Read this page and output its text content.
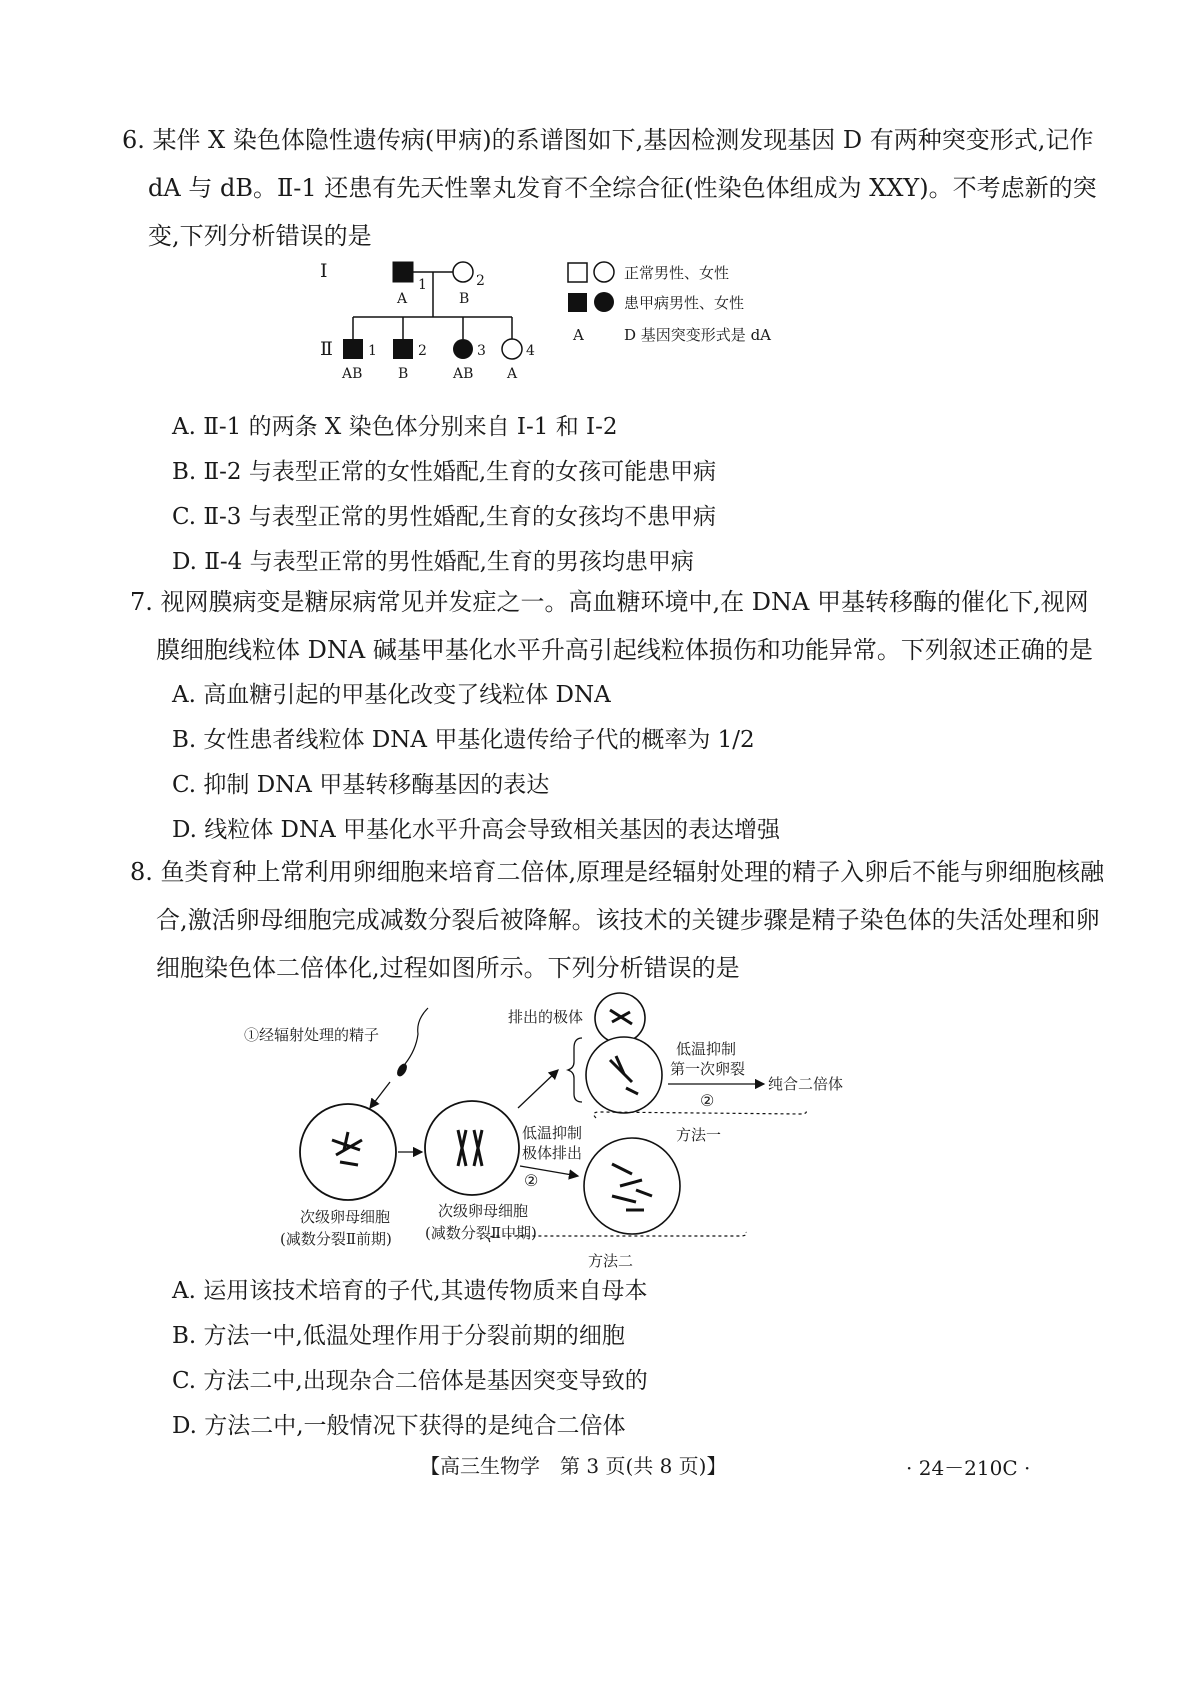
6. 某伴 X 染色体隐性遗传病(甲病)的系谱图如下,基因检测发现基因 D 有两种突变形式,记作
dA 与 dB。Ⅱ-1 还患有先天性睾丸发育不全综合征(性染色体组成为 XXY)。不考虑新的突
变,下列分析错误的是
Ⅰ
1	2
A	B
Ⅱ	1
AB
2
B
3
AB
4
A
正常男性、女性
患甲病男性、女性
A	D 基因突变形式是 dA
A. Ⅱ-1 的两条 X 染色体分别来自 Ⅰ-1 和 Ⅰ-2
B. Ⅱ-2 与表型正常的女性婚配,生育的女孩可能患甲病
C. Ⅱ-3 与表型正常的男性婚配,生育的女孩均不患甲病
D. Ⅱ-4 与表型正常的男性婚配,生育的男孩均患甲病
7. 视网膜病变是糖尿病常见并发症之一。高血糖环境中,在 DNA 甲基转移酶的催化下,视网
膜细胞线粒体 DNA 碱基甲基化水平升高引起线粒体损伤和功能异常。下列叙述正确的是
A. 高血糖引起的甲基化改变了线粒体 DNA
B. 女性患者线粒体 DNA 甲基化遗传给子代的概率为 1/2
C. 抑制 DNA 甲基转移酶基因的表达
D. 线粒体 DNA 甲基化水平升高会导致相关基因的表达增强
8. 鱼类育种上常利用卵细胞来培育二倍体,原理是经辐射处理的精子入卵后不能与卵细胞核融
合,激活卵母细胞完成减数分裂后被降解。该技术的关键步骤是精子染色体的失活处理和卵
细胞染色体二倍体化,过程如图所示。下列分析错误的是
①经辐射处理的精子
次级卵母细胞
(减数分裂Ⅱ前期)
次级卵母细胞
(减数分裂Ⅱ中期)
排出的极体
低温抑制
第一次卵裂
②
纯合二倍体
方法一
低温抑制
极体排出
②
方法二
A. 运用该技术培育的子代,其遗传物质来自母本
B. 方法一中,低温处理作用于分裂前期的细胞
C. 方法二中,出现杂合二倍体是基因突变导致的
D. 方法二中,一般情况下获得的是纯合二倍体
【高三生物学　第 3 页(共 8 页)】	· 24－210C ·
